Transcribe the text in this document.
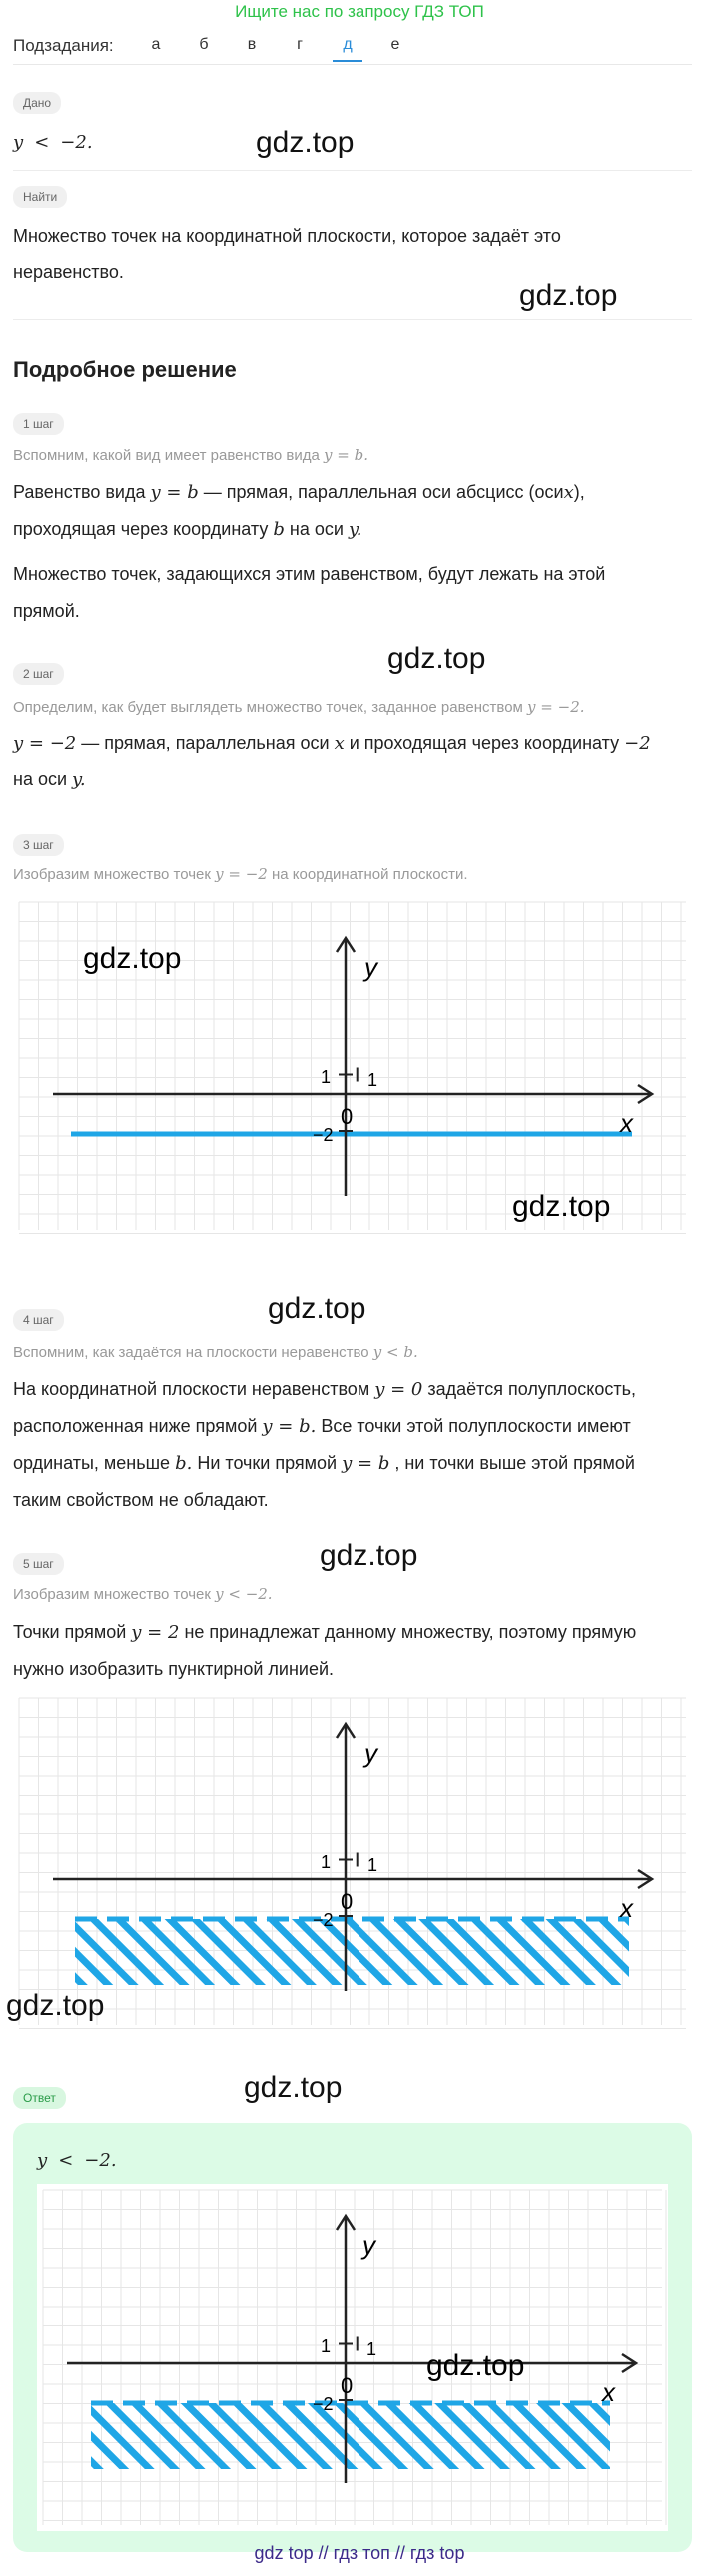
Ищите нас по запросу ГДЗ ТОП
Подзадания:	а	б	в	г	д	е
Дано
y < −2.	gdz.top
Найти
Множество точек на координатной плоскости, которое задаёт это
неравенство.
gdz.top
Подробное решение
1 шаг
Вспомним, какой вид имеет равенство вида y = b.
Равенство вида y = b — прямая, параллельная оси абсцисс (осиx),
проходящая через координату b на оси y.
Множество точек, задающихся этим равенством, будут лежать на этой
прямой.
gdz.top
2 шаг
Определим, как будет выглядеть множество точек, заданное равенством y = −2.
y = −2 — прямая, параллельная оси x и проходящая через координату −2
на оси y.
3 шаг
Изобразим множество точек y = −2 на координатной плоскости.
x
y
0
1 1
−2
gdz.top
gdz.top
gdz.top
4 шаг
Вспомним, как задаётся на плоскости неравенство y < b.
На координатной плоскости неравенством y = 0 задаётся полуплоскость,
расположенная ниже прямой y = b. Все точки этой полуплоскости имеют
ординаты, меньше b. Ни точки прямой y = b , ни точки выше этой прямой
таким свойством не обладают.
gdz.top
5 шаг
Изобразим множество точек y < −2.
Точки прямой y = 2 не принадлежат данному множеству, поэтому прямую
нужно изобразить пунктирной линией.
x
y
0
1 1
−2
gdz.top
Ответ	gdz.top
y < −2.
x
y
0
1 1
−2
gdz.top
gdz top // гдз топ // гдз top
